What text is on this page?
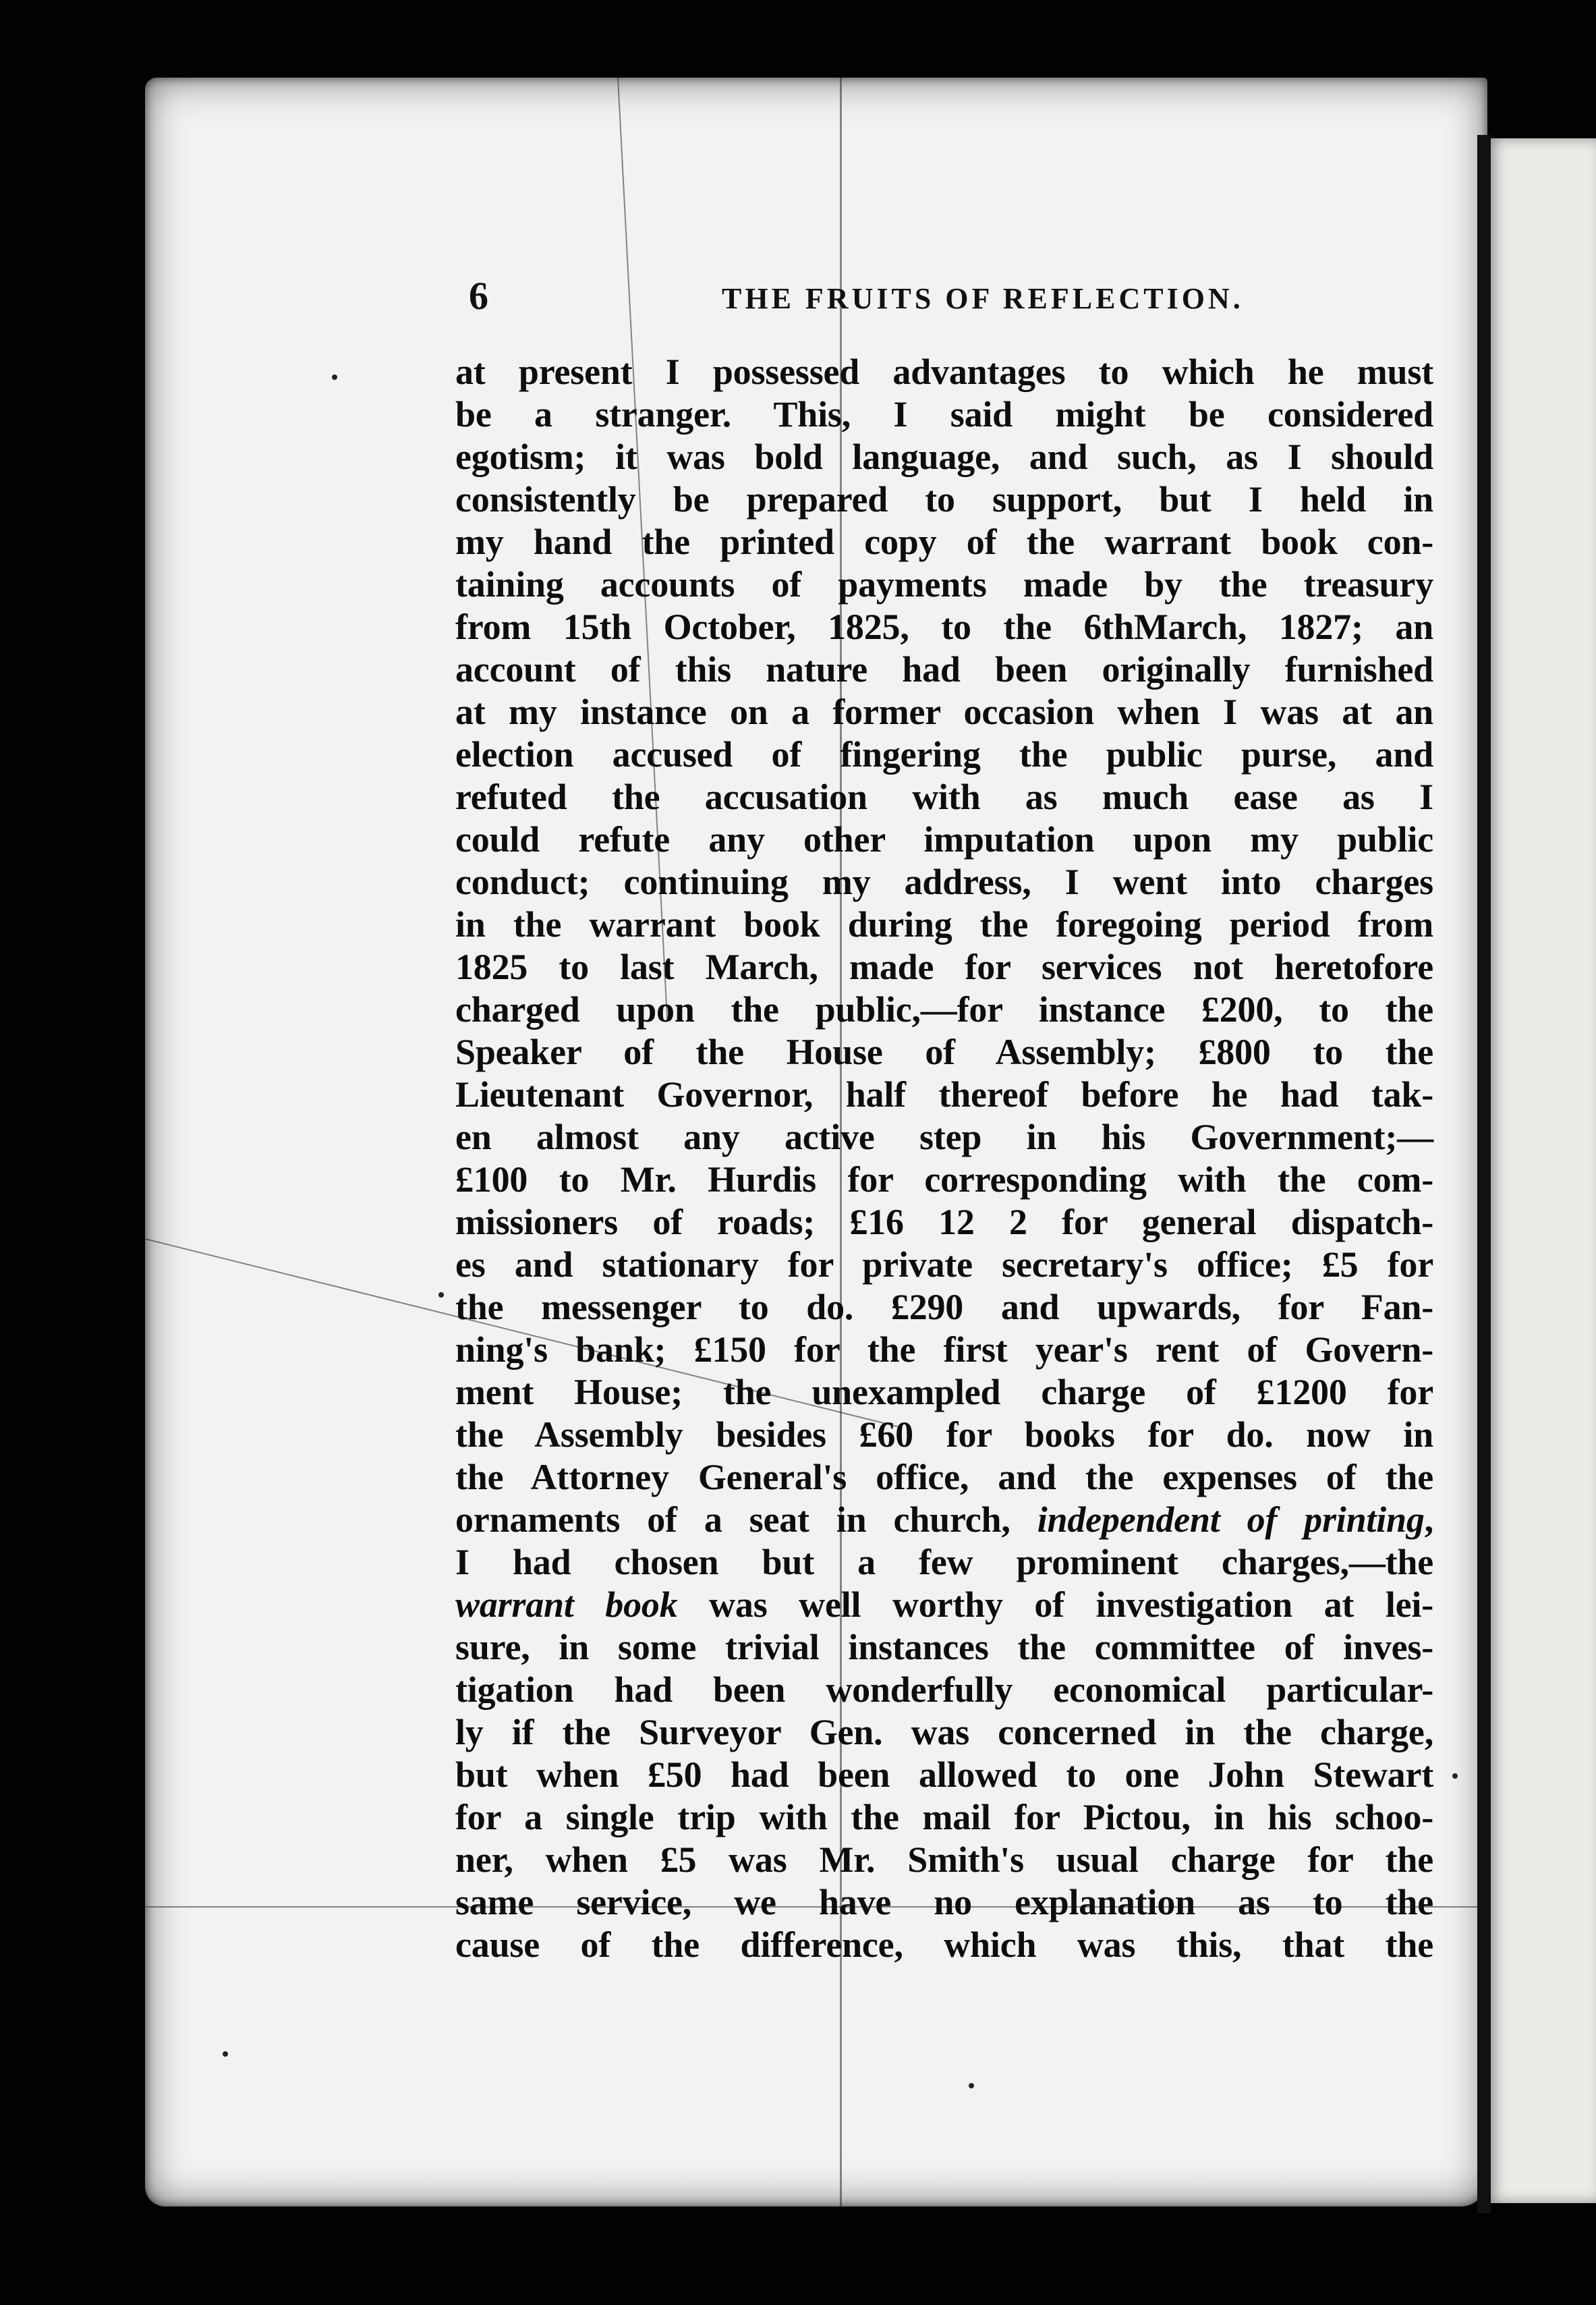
6	THE FRUITS OF REFLECTION.
at present I possessed advantages to which he must
be a stranger. This, I said might be considered
egotism; it was bold language, and such, as I should
consistently be prepared to support, but I held in
my hand the printed copy of the warrant book con-
taining accounts of payments made by the treasury
from 15th October, 1825, to the 6thMarch, 1827; an
account of this nature had been originally furnished
at my instance on a former occasion when I was at an
election accused of fingering the public purse, and
refuted the accusation with as much ease as I
could refute any other imputation upon my public
conduct; continuing my address, I went into charges
in the warrant book during the foregoing period from
1825 to last March, made for services not heretofore
charged upon the public,—for instance £200, to the
Speaker of the House of Assembly; £800 to the
Lieutenant Governor, half thereof before he had tak-
en almost any active step in his Government;—
£100 to Mr. Hurdis for corresponding with the com-
missioners of roads; £16 12 2 for general dispatch-
es and stationary for private secretary's office; £5 for
the messenger to do. £290 and upwards, for Fan-
ning's bank; £150 for the first year's rent of Govern-
ment House; the unexampled charge of £1200 for
the Assembly besides £60 for books for do. now in
the Attorney General's office, and the expenses of the
ornaments of a seat in church, independent of printing,
I had chosen but a few prominent charges,—the
warrant book was well worthy of investigation at lei-
sure, in some trivial instances the committee of inves-
tigation had been wonderfully economical particular-
ly if the Surveyor Gen. was concerned in the charge,
but when £50 had been allowed to one John Stewart
for a single trip with the mail for Pictou, in his schoo-
ner, when £5 was Mr. Smith's usual charge for the
same service, we have no explanation as to the
cause of the difference, which was this, that the
